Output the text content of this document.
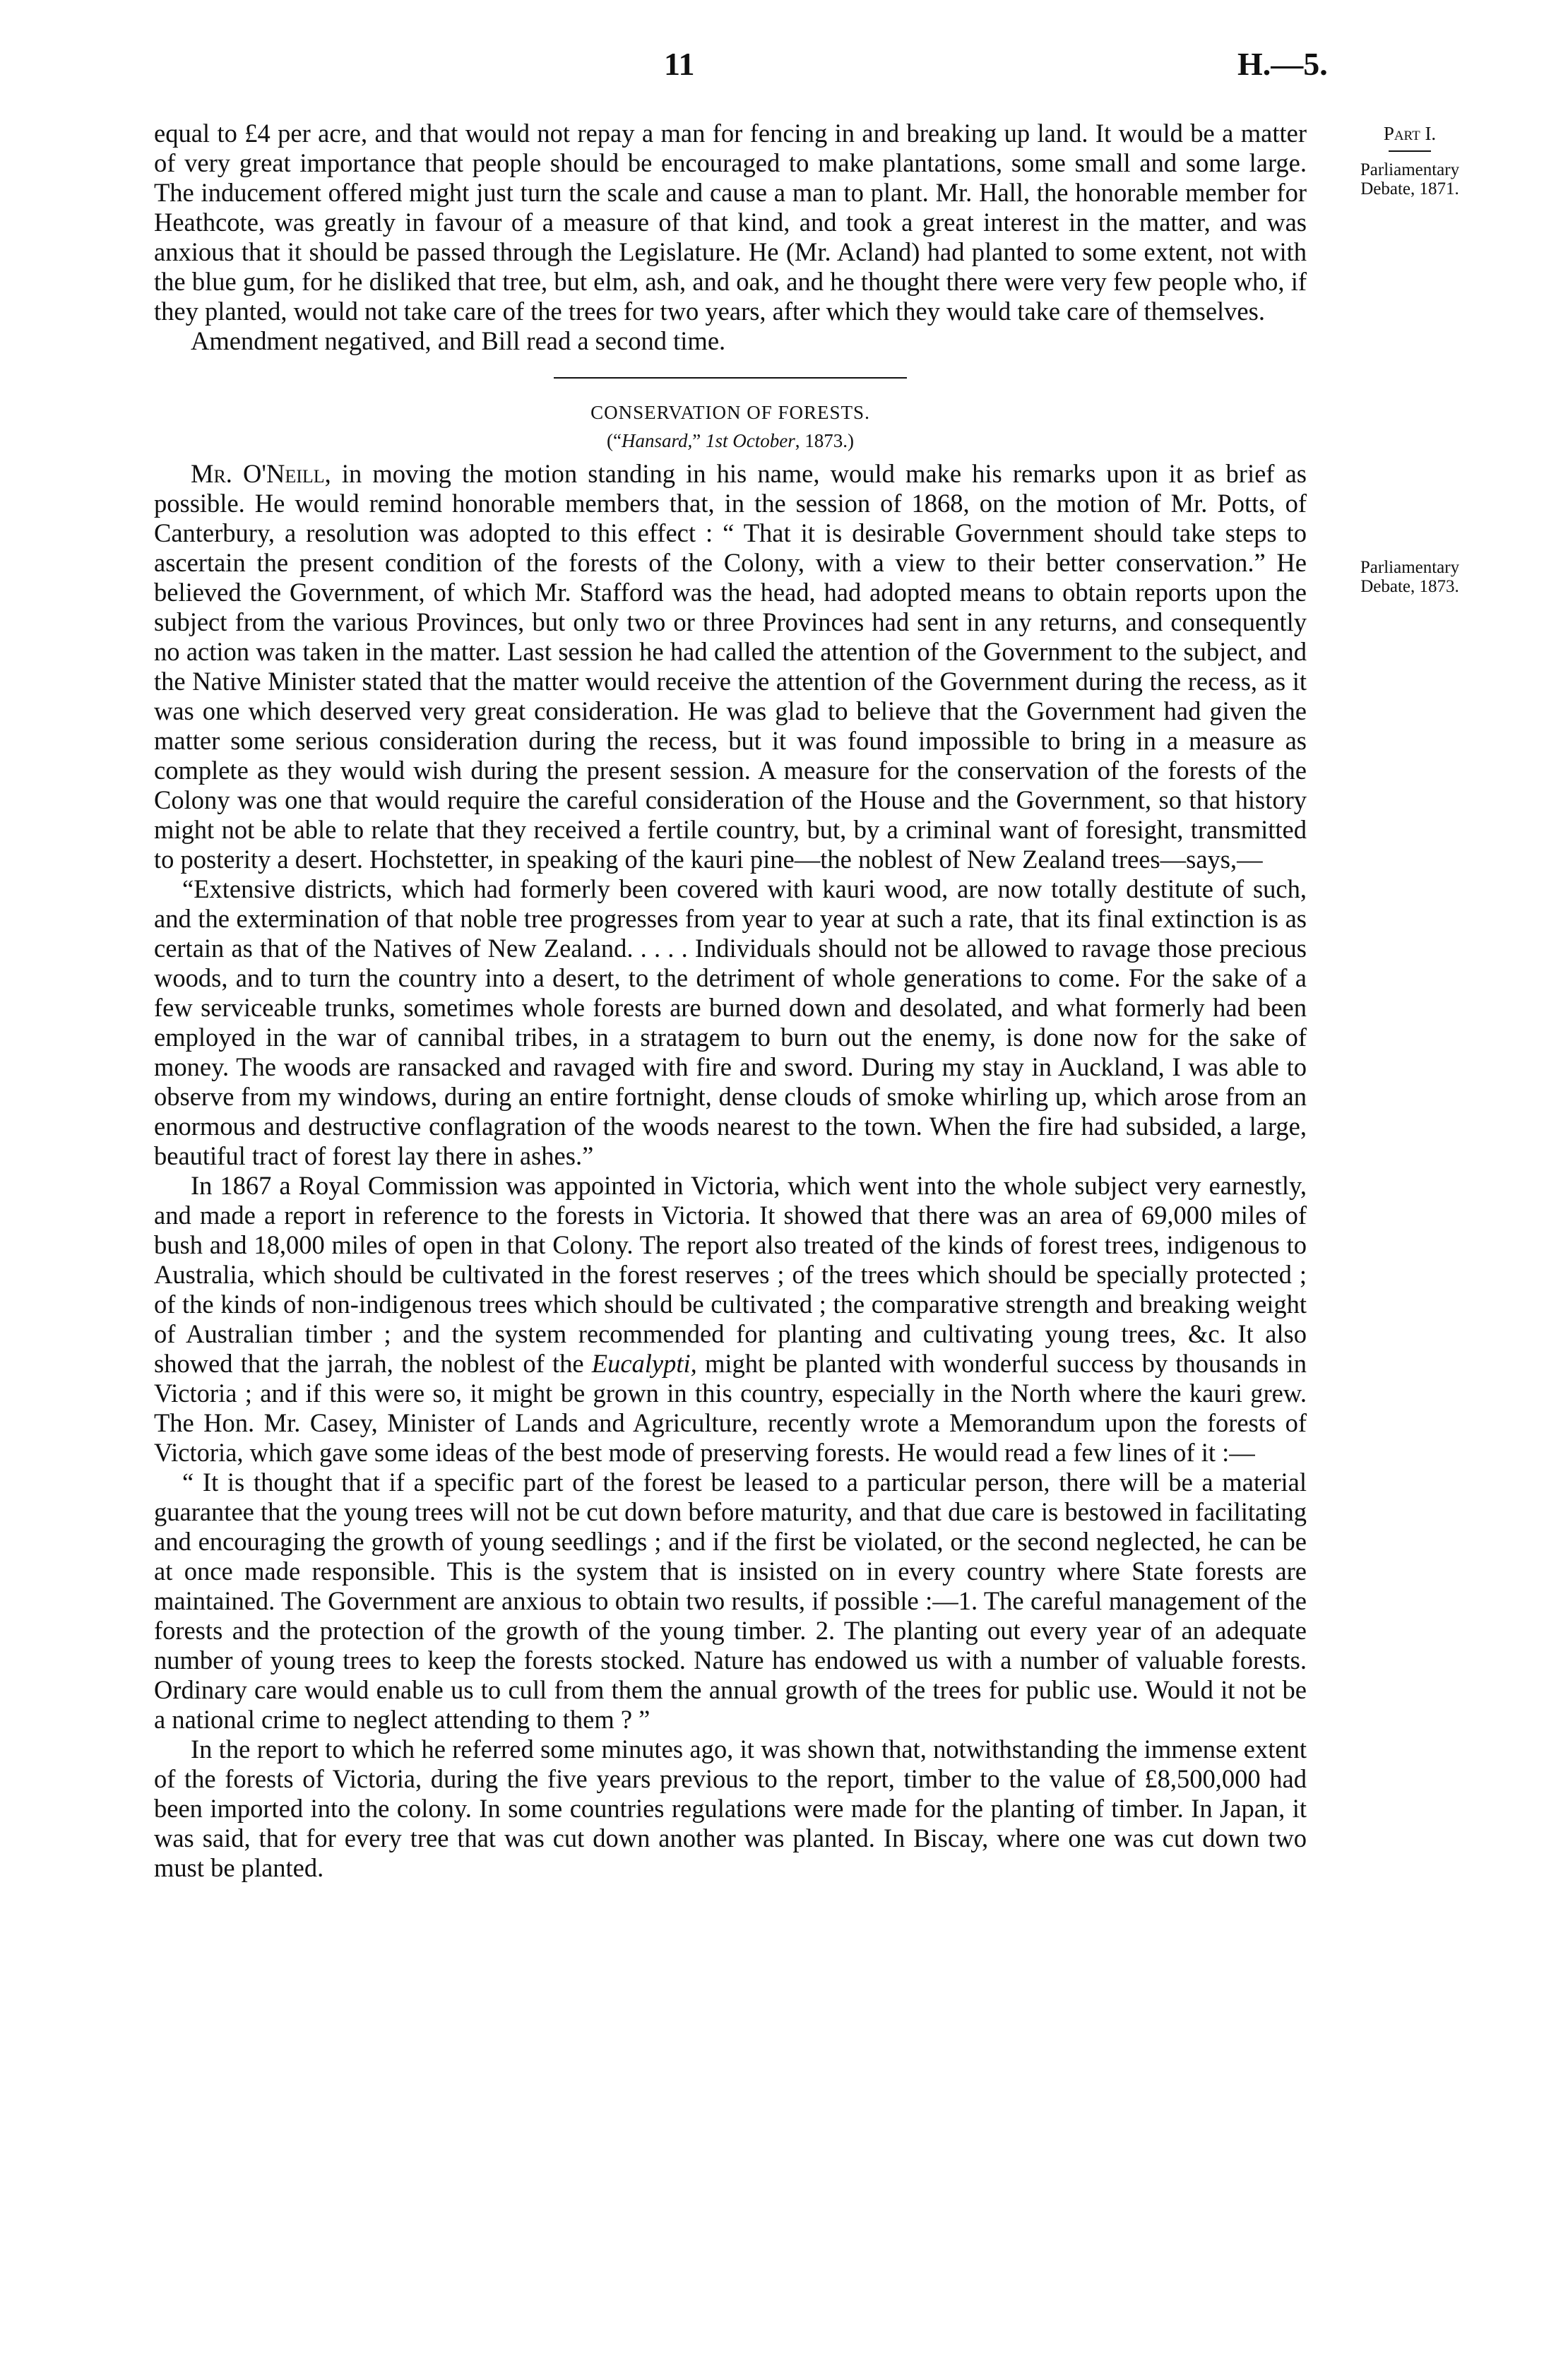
11	H.—5.
Part I.
Parliamentary Debate, 1871.
Parliamentary Debate, 1873.

equal to £4 per acre, and that would not repay a man for fencing in and breaking up land. It would be a matter of very great importance that people should be encouraged to make plantations, some small and some large. The inducement offered might just turn the scale and cause a man to plant. Mr. Hall, the honorable member for Heathcote, was greatly in favour of a measure of that kind, and took a great interest in the matter, and was anxious that it should be passed through the Legislature. He (Mr. Acland) had planted to some extent, not with the blue gum, for he disliked that tree, but elm, ash, and oak, and he thought there were very few people who, if they planted, would not take care of the trees for two years, after which they would take care of themselves.

Amendment negatived, and Bill read a second time.

CONSERVATION OF FORESTS.
(“Hansard,” 1st October, 1873.)

Mr. O'Neill, in moving the motion standing in his name, would make his remarks upon it as brief as possible. He would remind honorable members that, in the session of 1868, on the motion of Mr. Potts, of Canterbury, a resolution was adopted to this effect : “ That it is desirable Government should take steps to ascertain the present condition of the forests of the Colony, with a view to their better conservation.” He believed the Government, of which Mr. Stafford was the head, had adopted means to obtain reports upon the subject from the various Provinces, but only two or three Provinces had sent in any returns, and consequently no action was taken in the matter. Last session he had called the attention of the Government to the subject, and the Native Minister stated that the matter would receive the attention of the Government during the recess, as it was one which deserved very great consideration. He was glad to believe that the Government had given the matter some serious consideration during the recess, but it was found impossible to bring in a measure as complete as they would wish during the present session. A measure for the conservation of the forests of the Colony was one that would require the careful consideration of the House and the Government, so that history might not be able to relate that they received a fertile country, but, by a criminal want of foresight, transmitted to posterity a desert. Hochstetter, in speaking of the kauri pine—the noblest of New Zealand trees—says,—

“Extensive districts, which had formerly been covered with kauri wood, are now totally destitute of such, and the extermination of that noble tree progresses from year to year at such a rate, that its final extinction is as certain as that of the Natives of New Zealand. . . . . Individuals should not be allowed to ravage those precious woods, and to turn the country into a desert, to the detriment of whole generations to come. For the sake of a few serviceable trunks, sometimes whole forests are burned down and desolated, and what formerly had been employed in the war of cannibal tribes, in a stratagem to burn out the enemy, is done now for the sake of money. The woods are ransacked and ravaged with fire and sword. During my stay in Auckland, I was able to observe from my windows, during an entire fortnight, dense clouds of smoke whirling up, which arose from an enormous and destructive conflagration of the woods nearest to the town. When the fire had subsided, a large, beautiful tract of forest lay there in ashes.”

In 1867 a Royal Commission was appointed in Victoria, which went into the whole subject very earnestly, and made a report in reference to the forests in Victoria. It showed that there was an area of 69,000 miles of bush and 18,000 miles of open in that Colony. The report also treated of the kinds of forest trees, indigenous to Australia, which should be cultivated in the forest reserves ; of the trees which should be specially protected ; of the kinds of non-indigenous trees which should be cultivated ; the comparative strength and breaking weight of Australian timber ; and the system recommended for planting and cultivating young trees, &c. It also showed that the jarrah, the noblest of the Eucalypti, might be planted with wonderful success by thousands in Victoria ; and if this were so, it might be grown in this country, especially in the North where the kauri grew. The Hon. Mr. Casey, Minister of Lands and Agriculture, recently wrote a Memorandum upon the forests of Victoria, which gave some ideas of the best mode of preserving forests. He would read a few lines of it :—

“ It is thought that if a specific part of the forest be leased to a particular person, there will be a material guarantee that the young trees will not be cut down before maturity, and that due care is bestowed in facilitating and encouraging the growth of young seedlings ; and if the first be violated, or the second neglected, he can be at once made responsible. This is the system that is insisted on in every country where State forests are maintained. The Government are anxious to obtain two results, if possible :—1. The careful management of the forests and the protection of the growth of the young timber. 2. The planting out every year of an adequate number of young trees to keep the forests stocked. Nature has endowed us with a number of valuable forests. Ordinary care would enable us to cull from them the annual growth of the trees for public use. Would it not be a national crime to neglect attending to them ? ”

In the report to which he referred some minutes ago, it was shown that, notwithstanding the immense extent of the forests of Victoria, during the five years previous to the report, timber to the value of £8,500,000 had been imported into the colony. In some countries regulations were made for the planting of timber. In Japan, it was said, that for every tree that was cut down another was planted. In Biscay, where one was cut down two must be planted.
